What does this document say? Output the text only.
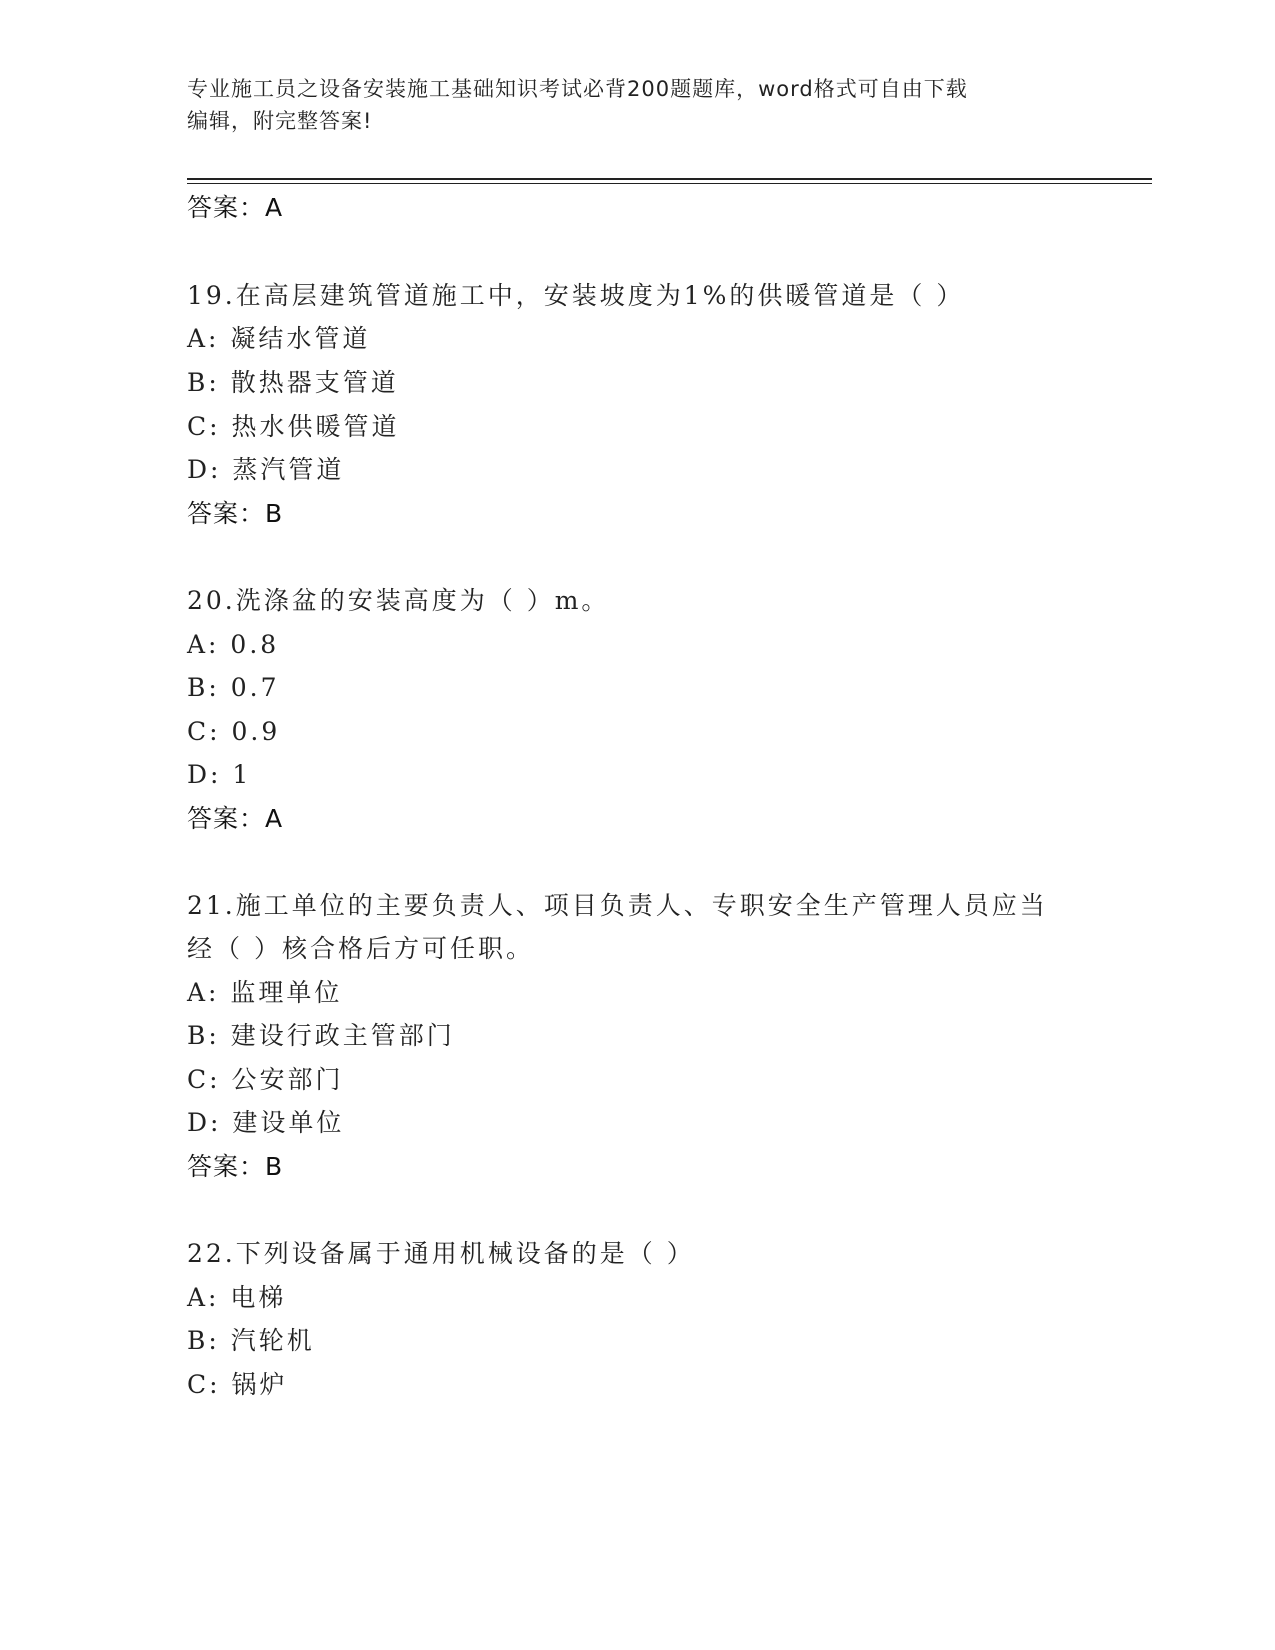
专业施工员之设备安装施工基础知识考试必背200题题库，word格式可自由下载
编辑，附完整答案!
答案：A
19.在高层建筑管道施工中，安装坡度为1%的供暖管道是（ ）
A: 凝结水管道
B: 散热器支管道
C: 热水供暖管道
D: 蒸汽管道
答案：B
20.洗涤盆的安装高度为（ ）m。
A: 0.8
B: 0.7
C: 0.9
D: 1
答案：A
21.施工单位的主要负责人、项目负责人、专职安全生产管理人员应当
经（ ）核合格后方可任职。
A: 监理单位
B: 建设行政主管部门
C: 公安部门
D: 建设单位
答案：B
22.下列设备属于通用机械设备的是（ ）
A: 电梯
B: 汽轮机
C: 锅炉
